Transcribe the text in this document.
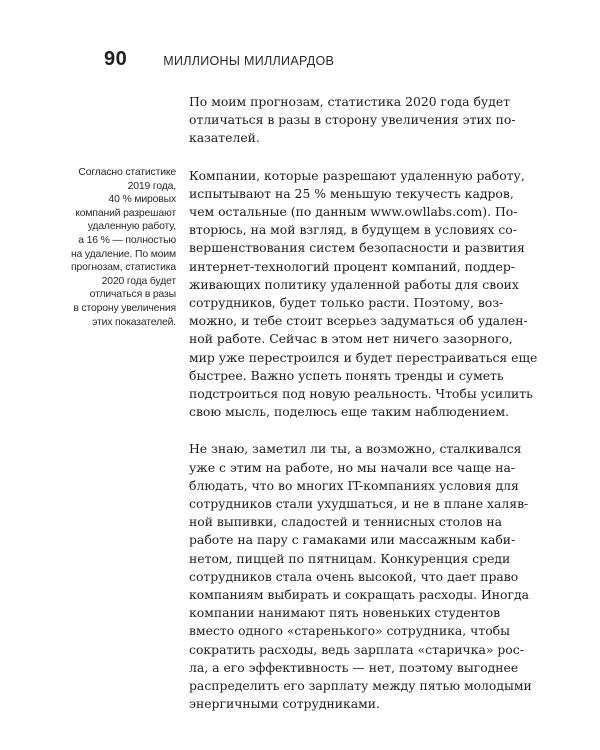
90	МИЛЛИОНЫ МИЛЛИАРДОВ
Согласно статистике
2019 года,
40 % мировых
компаний разрешают
удаленную работу,
а 16 % — полностью
на удаление. По моим
прогнозам, статистика
2020 года будет
отличаться в разы
в сторону увеличения
этих показателей.

По моим прогнозам, статистика 2020 года будет
отличаться в разы в сторону увеличения этих по-
казателей.

Компании, которые разрешают удаленную работу,
испытывают на 25 % меньшую текучесть кадров,
чем остальные (по данным www.owllabs.com). По-
вторюсь, на мой взгляд, в будущем в условиях со-
вершенствования систем безопасности и развития
интернет-технологий процент компаний, поддер-
живающих политику удаленной работы для своих
сотрудников, будет только расти. Поэтому, воз-
можно, и тебе стоит всерьез задуматься об удален-
ной работе. Сейчас в этом нет ничего зазорного,
мир уже перестроился и будет перестраиваться еще
быстрее. Важно успеть понять тренды и суметь
подстроиться под новую реальность. Чтобы усилить
свою мысль, поделюсь еще таким наблюдением.

Не знаю, заметил ли ты, а возможно, сталкивался
уже с этим на работе, но мы начали все чаще на-
блюдать, что во многих IT-компаниях условия для
сотрудников стали ухудшаться, и не в плане халяв-
ной выпивки, сладостей и теннисных столов на
работе на пару с гамаками или массажным каби-
нетом, пиццей по пятницам. Конкуренция среди
сотрудников стала очень высокой, что дает право
компаниям выбирать и сокращать расходы. Иногда
компании нанимают пять новеньких студентов
вместо одного «старенького» сотрудника, чтобы
сократить расходы, ведь зарплата «старичка» рос-
ла, а его эффективность — нет, поэтому выгоднее
распределить его зарплату между пятью молодыми
энергичными сотрудниками.
